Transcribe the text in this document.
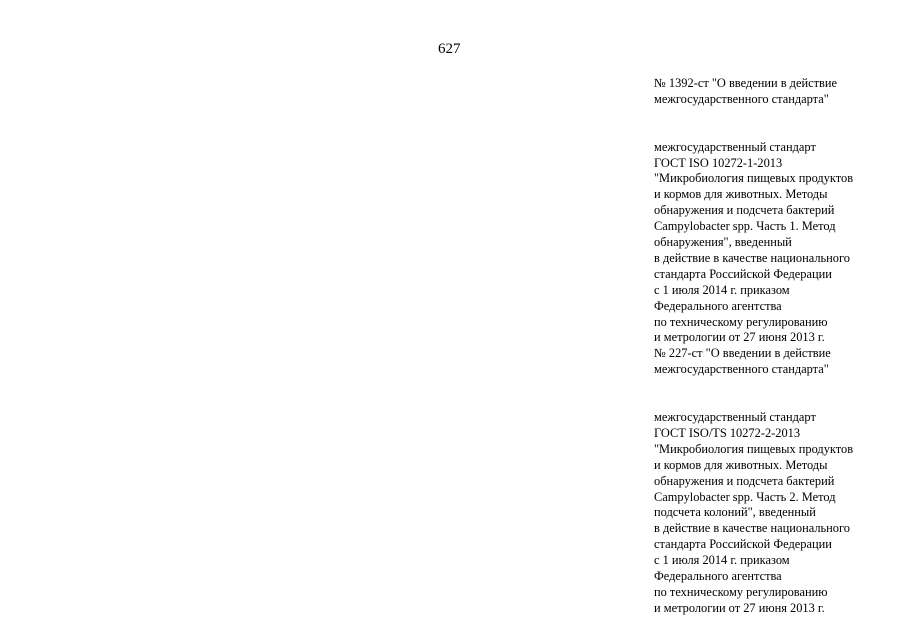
627
№ 1392-ст "О введении в действие
межгосударственного стандарта"
межгосударственный стандарт
ГОСТ ISO 10272-1-2013
"Микробиология пищевых продуктов
и кормов для животных. Методы
обнаружения и подсчета бактерий
Campylobacter spp. Часть 1. Метод
обнаружения", введенный
в действие в качестве национального
стандарта Российской Федерации
с 1 июля 2014 г. приказом
Федерального агентства
по техническому регулированию
и метрологии от 27 июня 2013 г.
№ 227-ст "О введении в действие
межгосударственного стандарта"
межгосударственный стандарт
ГОСТ ISO/TS 10272-2-2013
"Микробиология пищевых продуктов
и кормов для животных. Методы
обнаружения и подсчета бактерий
Campylobacter spp. Часть 2. Метод
подсчета колоний", введенный
в действие в качестве национального
стандарта Российской Федерации
с 1 июля 2014 г. приказом
Федерального агентства
по техническому регулированию
и метрологии от 27 июня 2013 г.
